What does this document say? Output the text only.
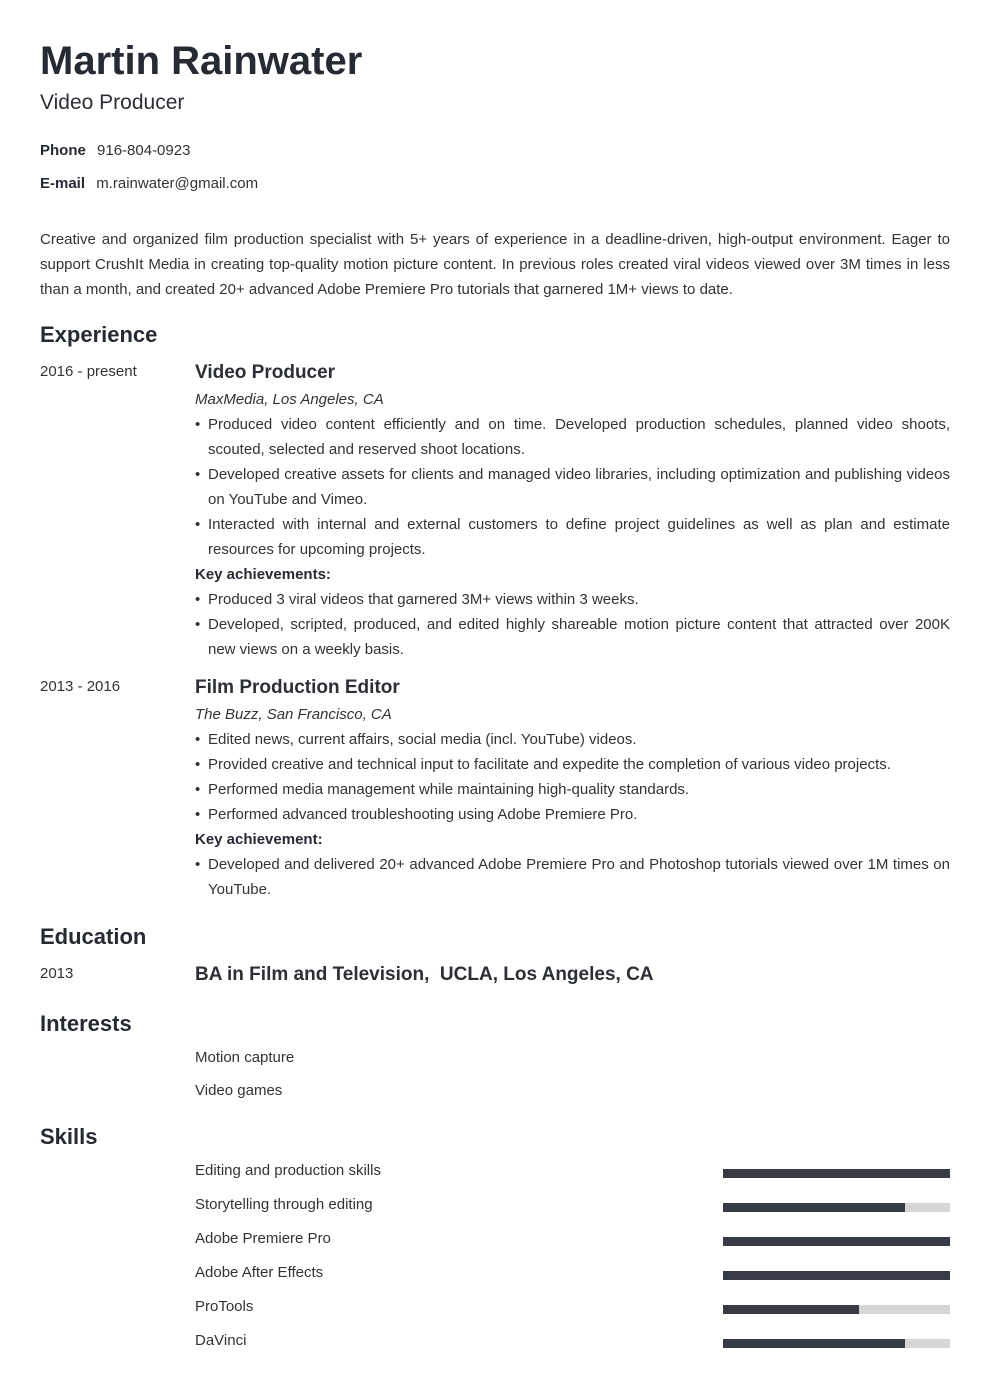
Martin Rainwater
Video Producer
Phone 916-804-0923
E-mail m.rainwater@gmail.com

Creative and organized film production specialist with 5+ years of experience in a deadline-driven, high-output environment. Eager to support CrushIt Media in creating top-quality motion picture content. In previous roles created viral videos viewed over 3M times in less than a month, and created 20+ advanced Adobe Premiere Pro tutorials that garnered 1M+ views to date.

Experience
2016 - present	Video Producer
MaxMedia, Los Angeles, CA
• Produced video content efficiently and on time. Developed production schedules, planned video shoots, scouted, selected and reserved shoot locations.
• Developed creative assets for clients and managed video libraries, including optimization and publishing videos on YouTube and Vimeo.
• Interacted with internal and external customers to define project guidelines as well as plan and estimate resources for upcoming projects.
Key achievements:
• Produced 3 viral videos that garnered 3M+ views within 3 weeks.
• Developed, scripted, produced, and edited highly shareable motion picture content that attracted over 200K new views on a weekly basis.
2013 - 2016	Film Production Editor
The Buzz, San Francisco, CA
• Edited news, current affairs, social media (incl. YouTube) videos.
• Provided creative and technical input to facilitate and expedite the completion of various video projects.
• Performed media management while maintaining high-quality standards.
• Performed advanced troubleshooting using Adobe Premiere Pro.
Key achievement:
• Developed and delivered 20+ advanced Adobe Premiere Pro and Photoshop tutorials viewed over 1M times on YouTube.
Education
2013	BA in Film and Television,  UCLA, Los Angeles, CA
Interests
Motion capture
Video games
Skills
Editing and production skills
Storytelling through editing
Adobe Premiere Pro
Adobe After Effects
ProTools
DaVinci
